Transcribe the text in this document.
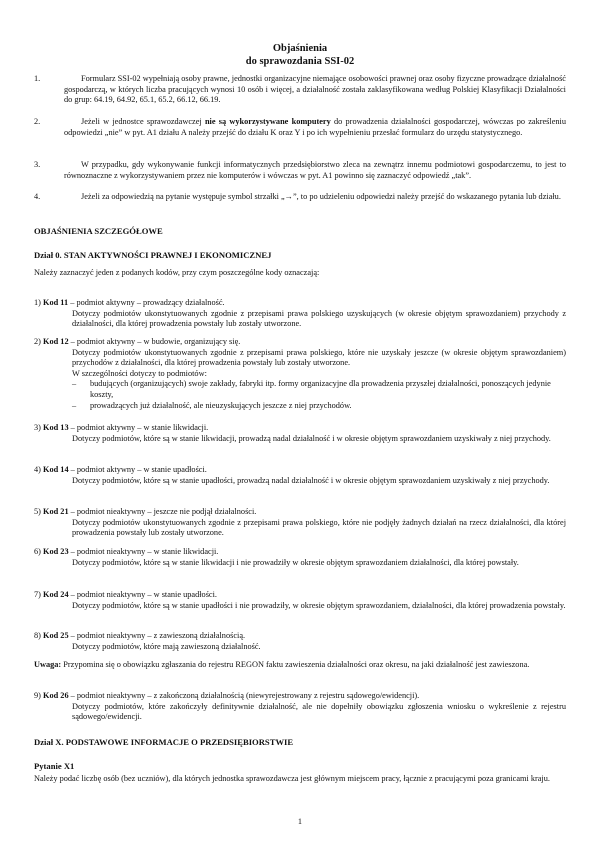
Objaśnienia
do sprawozdania SSI-02
1.	Formularz SSI-02 wypełniają osoby prawne, jednostki organizacyjne niemające osobowości prawnej oraz osoby fizyczne prowadzące działalność gospodarczą, w których liczba pracujących wynosi 10 osób i więcej, a działalność została zaklasyfikowana według Polskiej Klasyfikacji Działalności do grup: 64.19, 64.92, 65.1, 65.2, 66.12, 66.19.
2.	Jeżeli w jednostce sprawozdawczej nie są wykorzystywane komputery do prowadzenia działalności gospodarczej, wówczas po zakreśleniu odpowiedzi „nie” w pyt. A1 działu A należy przejść do działu K oraz Y i po ich wypełnieniu przesłać formularz do urzędu statystycznego.
3.	W przypadku, gdy wykonywanie funkcji informatycznych przedsiębiorstwo zleca na zewnątrz innemu podmiotowi gospodarczemu, to jest to równoznaczne z wykorzystywaniem przez nie komputerów i wówczas w pyt. A1 powinno się zaznaczyć odpowiedź „tak”.
4.	Jeżeli za odpowiedzią na pytanie występuje symbol strzałki „→”, to po udzieleniu odpowiedzi należy przejść do wskazanego pytania lub działu.
OBJAŚNIENIA SZCZEGÓŁOWE
Dział 0. STAN AKTYWNOŚCI PRAWNEJ I EKONOMICZNEJ
Należy zaznaczyć jeden z podanych kodów, przy czym poszczególne kody oznaczają:
1) Kod 11 – podmiot aktywny – prowadzący działalność.
Dotyczy podmiotów ukonstytuowanych zgodnie z przepisami prawa polskiego uzyskujących (w okresie objętym sprawozdaniem) przychody z działalności, dla której prowadzenia powstały lub zostały utworzone.
2) Kod 12 – podmiot aktywny – w budowie, organizujący się.
Dotyczy podmiotów ukonstytuowanych zgodnie z przepisami prawa polskiego, które nie uzyskały jeszcze (w okresie objętym sprawozdaniem) przychodów z działalności, dla której prowadzenia powstały lub zostały utworzone.
W szczególności dotyczy to podmiotów:
– budujących (organizujących) swoje zakłady, fabryki itp. formy organizacyjne dla prowadzenia przyszłej działalności, ponoszących jedynie koszty,
– prowadzących już działalność, ale nieuzyskujących jeszcze z niej przychodów.
3) Kod 13 – podmiot aktywny – w stanie likwidacji.
Dotyczy podmiotów, które są w stanie likwidacji, prowadzą nadal działalność i w okresie objętym sprawozdaniem uzyskiwały z niej przychody.
4) Kod 14 – podmiot aktywny – w stanie upadłości.
Dotyczy podmiotów, które są w stanie upadłości, prowadzą nadal działalność i w okresie objętym sprawozdaniem uzyskiwały z niej przychody.
5) Kod 21 – podmiot nieaktywny – jeszcze nie podjął działalności.
Dotyczy podmiotów ukonstytuowanych zgodnie z przepisami prawa polskiego, które nie podjęły żadnych działań na rzecz działalności, dla której prowadzenia powstały lub zostały utworzone.
6) Kod 23 – podmiot nieaktywny – w stanie likwidacji.
Dotyczy podmiotów, które są w stanie likwidacji i nie prowadziły w okresie objętym sprawozdaniem działalności, dla której powstały.
7) Kod 24 – podmiot nieaktywny – w stanie upadłości.
Dotyczy podmiotów, które są w stanie upadłości i nie prowadziły, w okresie objętym sprawozdaniem, działalności, dla której prowadzenia powstały.
8) Kod 25 – podmiot nieaktywny – z zawieszoną działalnością.
Dotyczy podmiotów, które mają zawieszoną działalność.
Uwaga: Przypomina się o obowiązku zgłaszania do rejestru REGON faktu zawieszenia działalności oraz okresu, na jaki działalność jest zawieszona.
9) Kod 26 – podmiot nieaktywny – z zakończoną działalnością (niewyrejestrowany z rejestru sądowego/ewidencji).
Dotyczy podmiotów, które zakończyły definitywnie działalność, ale nie dopełniły obowiązku zgłoszenia wniosku o wykreślenie z rejestru sądowego/ewidencji.
Dział X. PODSTAWOWE INFORMACJE O PRZEDSIĘBIORSTWIE
Pytanie X1
Należy podać liczbę osób (bez uczniów), dla których jednostka sprawozdawcza jest głównym miejscem pracy, łącznie z pracującymi poza granicami kraju.
1
